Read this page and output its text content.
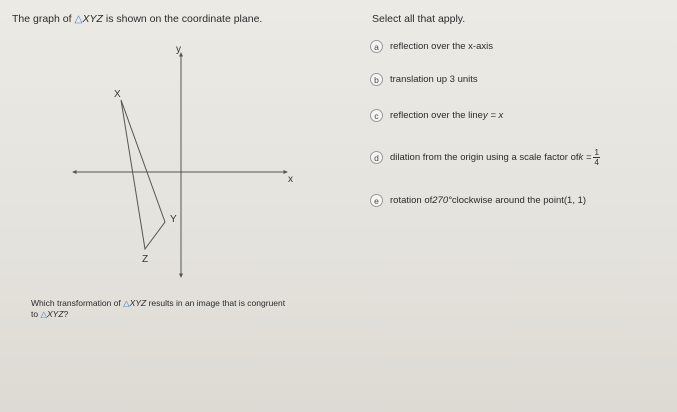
The graph of △XYZ is shown on the coordinate plane.
x
y
X
Y
Z
Which transformation of △XYZ results in an image that is congruent
to △XYZ?
Select all that apply.
a	reflection over the x-axis
b	translation up 3 units
c	reflection over the line y = x
d	dilation from the origin using a scale factor of $k = \frac{1}{4}$
e	rotation of 270° clockwise around the point (1, 1)
